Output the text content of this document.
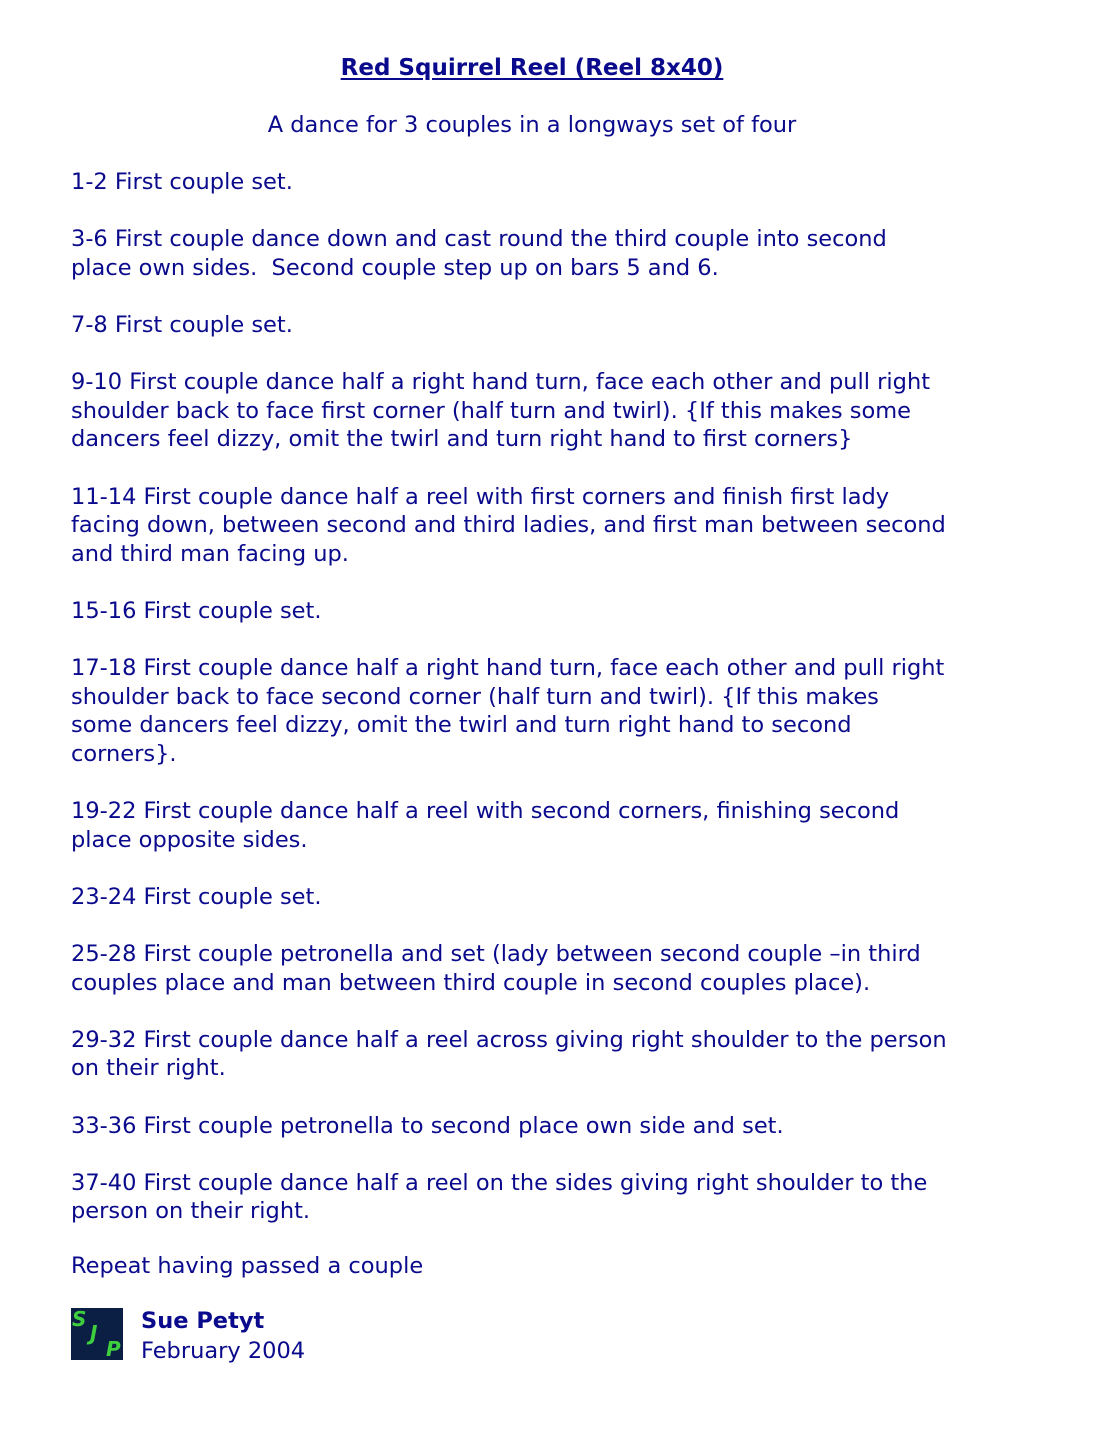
Red Squirrel Reel (Reel 8x40)
A dance for 3 couples in a longways set of four
1-2 First couple set.
3-6 First couple dance down and cast round the third couple into second
place own sides.  Second couple step up on bars 5 and 6.
7-8 First couple set.
9-10 First couple dance half a right hand turn, face each other and pull right
shoulder back to face first corner (half turn and twirl). {If this makes some
dancers feel dizzy, omit the twirl and turn right hand to first corners}
11-14 First couple dance half a reel with first corners and finish first lady
facing down, between second and third ladies, and first man between second
and third man facing up.
15-16 First couple set.
17-18 First couple dance half a right hand turn, face each other and pull right
shoulder back to face second corner (half turn and twirl). {If this makes
some dancers feel dizzy, omit the twirl and turn right hand to second
corners}.
19-22 First couple dance half a reel with second corners, finishing second
place opposite sides.
23-24 First couple set.
25-28 First couple petronella and set (lady between second couple –in third
couples place and man between third couple in second couples place).
29-32 First couple dance half a reel across giving right shoulder to the person
on their right.
33-36 First couple petronella to second place own side and set.
37-40 First couple dance half a reel on the sides giving right shoulder to the
person on their right.
Repeat having passed a couple
S
J
P
Sue Petyt
February 2004
